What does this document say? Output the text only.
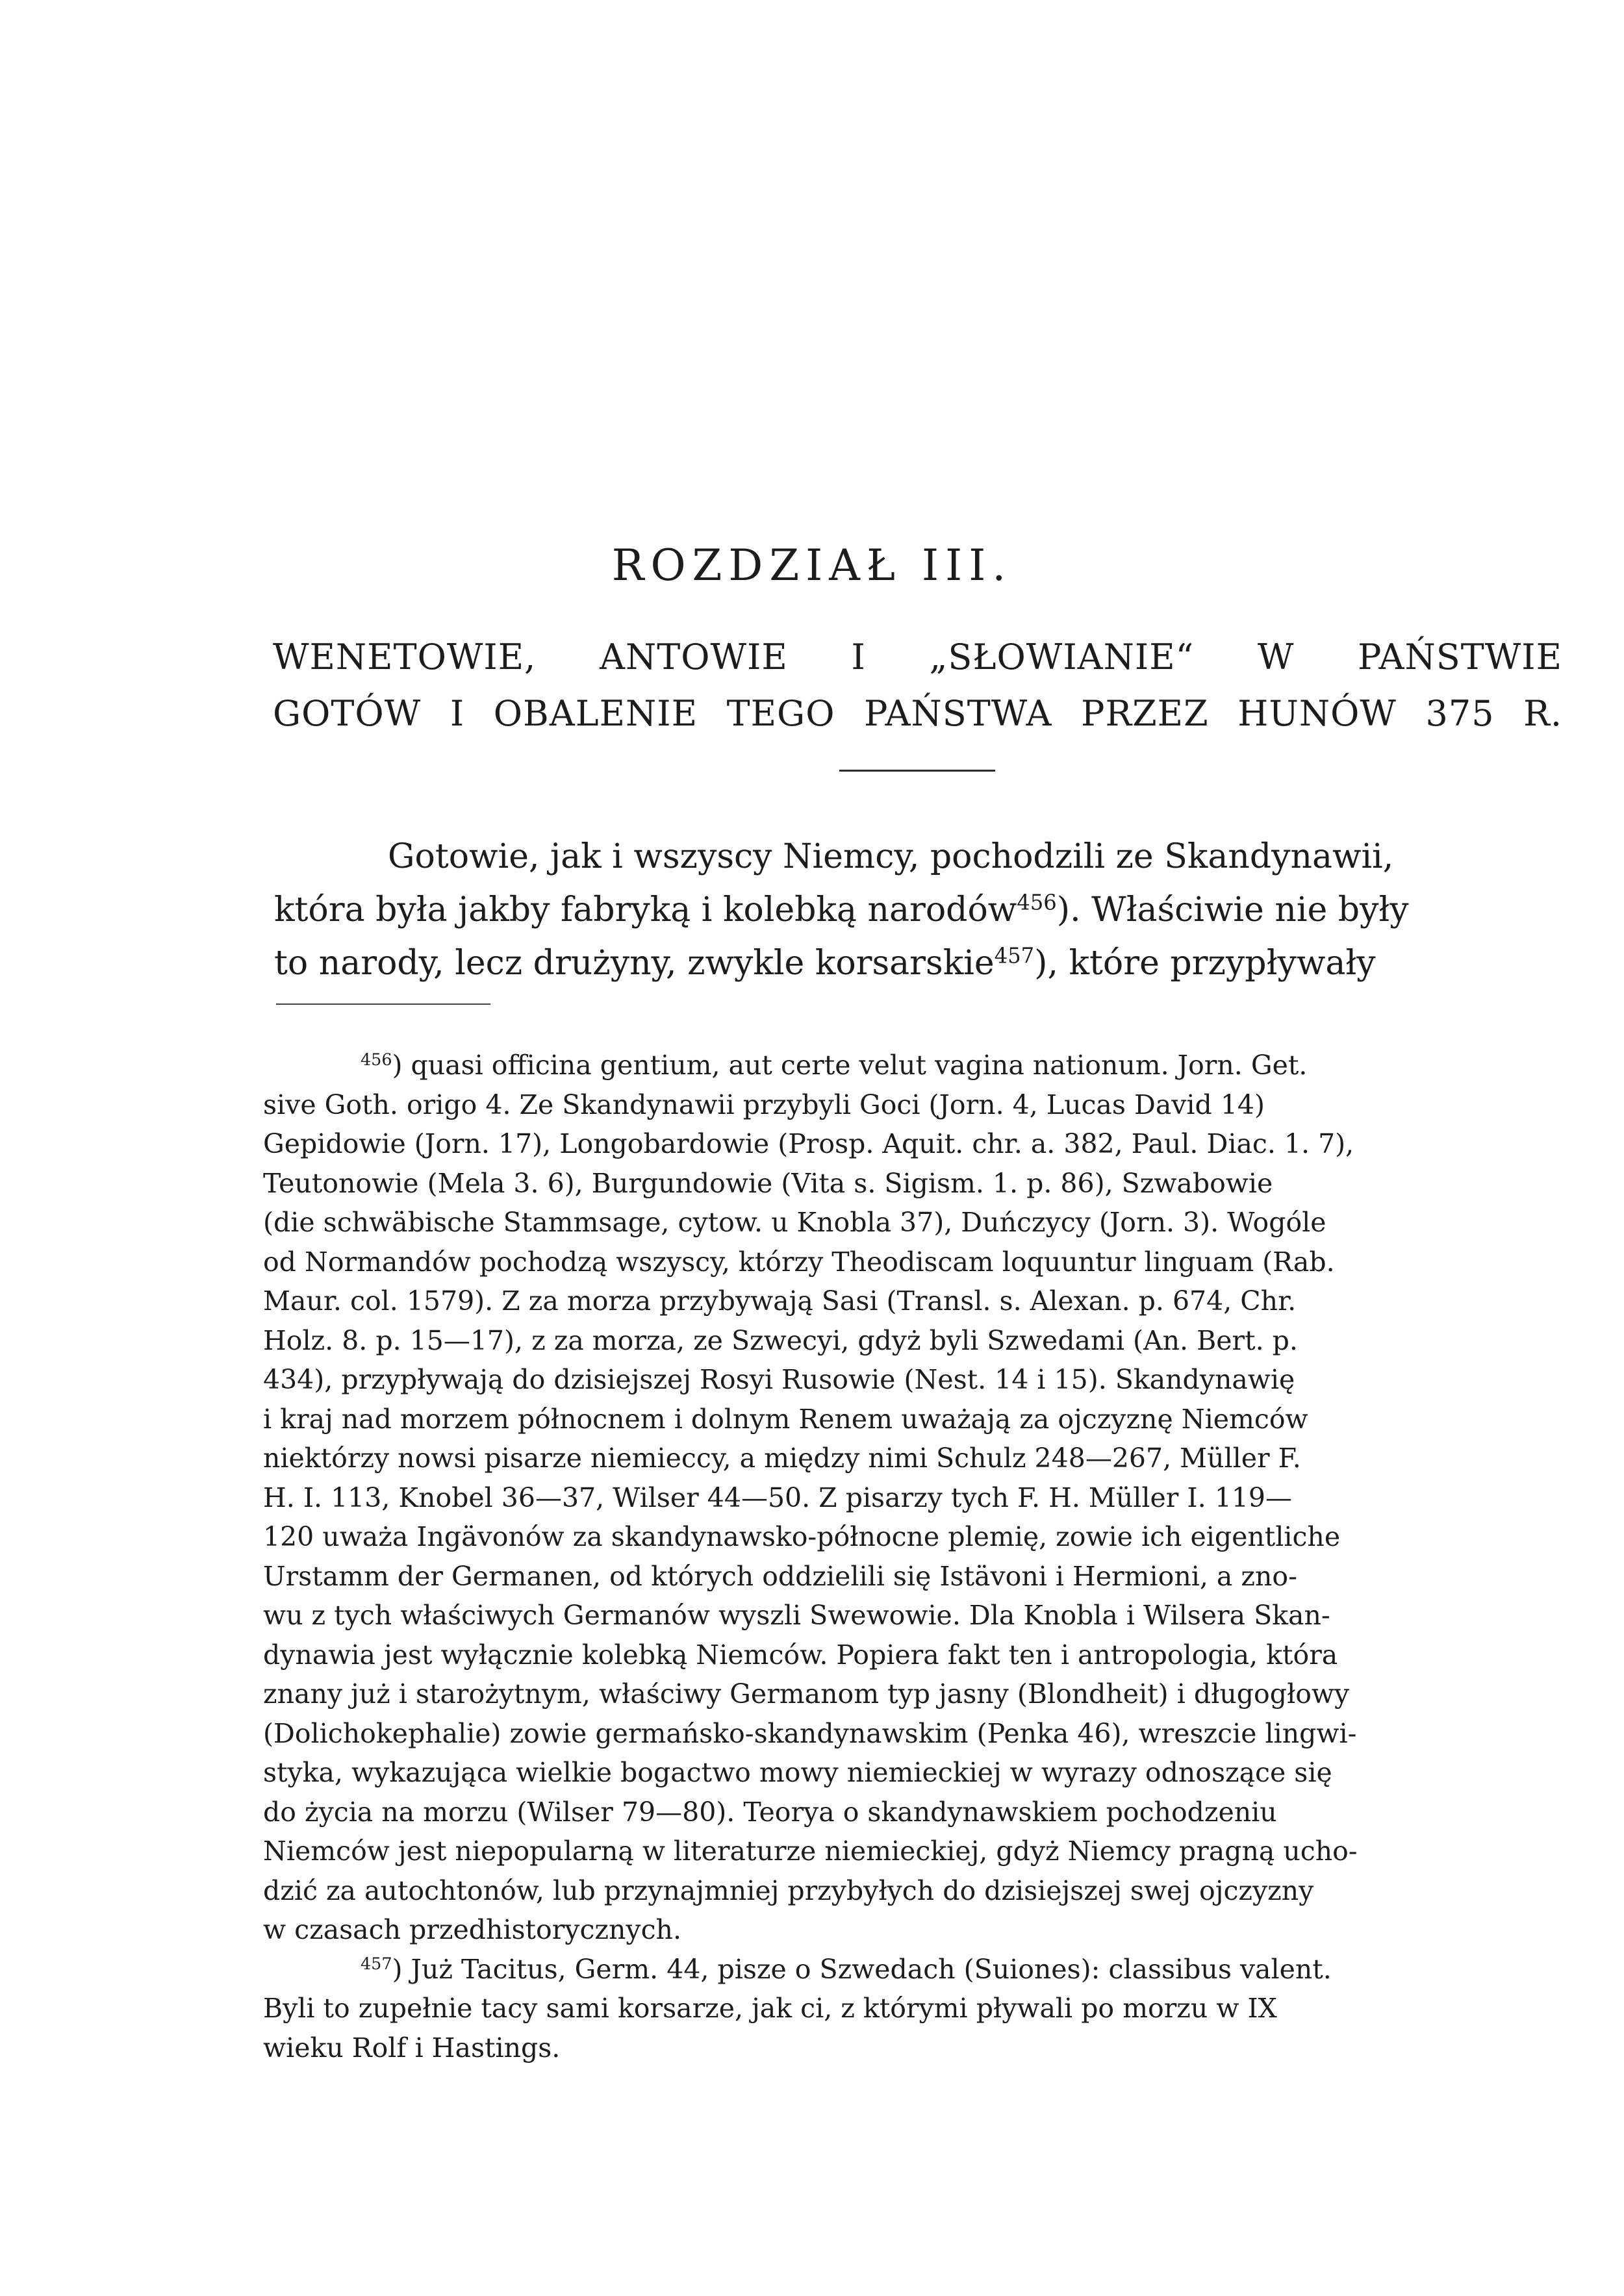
ROZDZIAŁ III.
WENETOWIE, ANTOWIE I „SŁOWIANIE“ W PAŃSTWIE
GOTÓW I OBALENIE TEGO PAŃSTWA PRZEZ HUNÓW 375 R.
Gotowie, jak i wszyscy Niemcy, pochodzili ze Skandynawii,
która była jakby fabryką i kolebką narodów$^{456}$). Właściwie nie były
to narody, lecz drużyny, zwykle korsarskie$^{457}$), które przypływały
$^{456}$) quasi officina gentium, aut certe velut vagina nationum. Jorn. Get.
sive Goth. origo 4. Ze Skandynawii przybyli Goci (Jorn. 4, Lucas David 14)
Gepidowie (Jorn. 17), Longobardowie (Prosp. Aquit. chr. a. 382, Paul. Diac. 1. 7),
Teutonowie (Mela 3. 6), Burgundowie (Vita s. Sigism. 1. p. 86), Szwabowie
(die schwäbische Stammsage, cytow. u Knobla 37), Duńczycy (Jorn. 3). Wogóle
od Normandów pochodzą wszyscy, którzy Theodiscam loquuntur linguam (Rab.
Maur. col. 1579). Z za morza przybywają Sasi (Transl. s. Alexan. p. 674, Chr.
Holz. 8. p. 15—17), z za morza, ze Szwecyi, gdyż byli Szwedami (An. Bert. p.
434), przypływają do dzisiejszej Rosyi Rusowie (Nest. 14 i 15). Skandynawię
i kraj nad morzem północnem i dolnym Renem uważają za ojczyznę Niemców
niektórzy nowsi pisarze niemieccy, a między nimi Schulz 248—267, Müller F.
H. I. 113, Knobel 36—37, Wilser 44—50. Z pisarzy tych F. H. Müller I. 119—
120 uważa Ingävonów za skandynawsko-północne plemię, zowie ich eigentliche
Urstamm der Germanen, od których oddzielili się Istävoni i Hermioni, a zno-
wu z tych właściwych Germanów wyszli Swewowie. Dla Knobla i Wilsera Skan-
dynawia jest wyłącznie kolebką Niemców. Popiera fakt ten i antropologia, która
znany już i starożytnym, właściwy Germanom typ jasny (Blondheit) i długogłowy
(Dolichokephalie) zowie germańsko-skandynawskim (Penka 46), wreszcie lingwi-
styka, wykazująca wielkie bogactwo mowy niemieckiej w wyrazy odnoszące się
do życia na morzu (Wilser 79—80). Teorya o skandynawskiem pochodzeniu
Niemców jest niepopularną w literaturze niemieckiej, gdyż Niemcy pragną ucho-
dzić za autochtonów, lub przynajmniej przybyłych do dzisiejszej swej ojczyzny
w czasach przedhistorycznych.
$^{457}$) Już Tacitus, Germ. 44, pisze o Szwedach (Suiones): classibus valent.
Byli to zupełnie tacy sami korsarze, jak ci, z którymi pływali po morzu w IX
wieku Rolf i Hastings.
